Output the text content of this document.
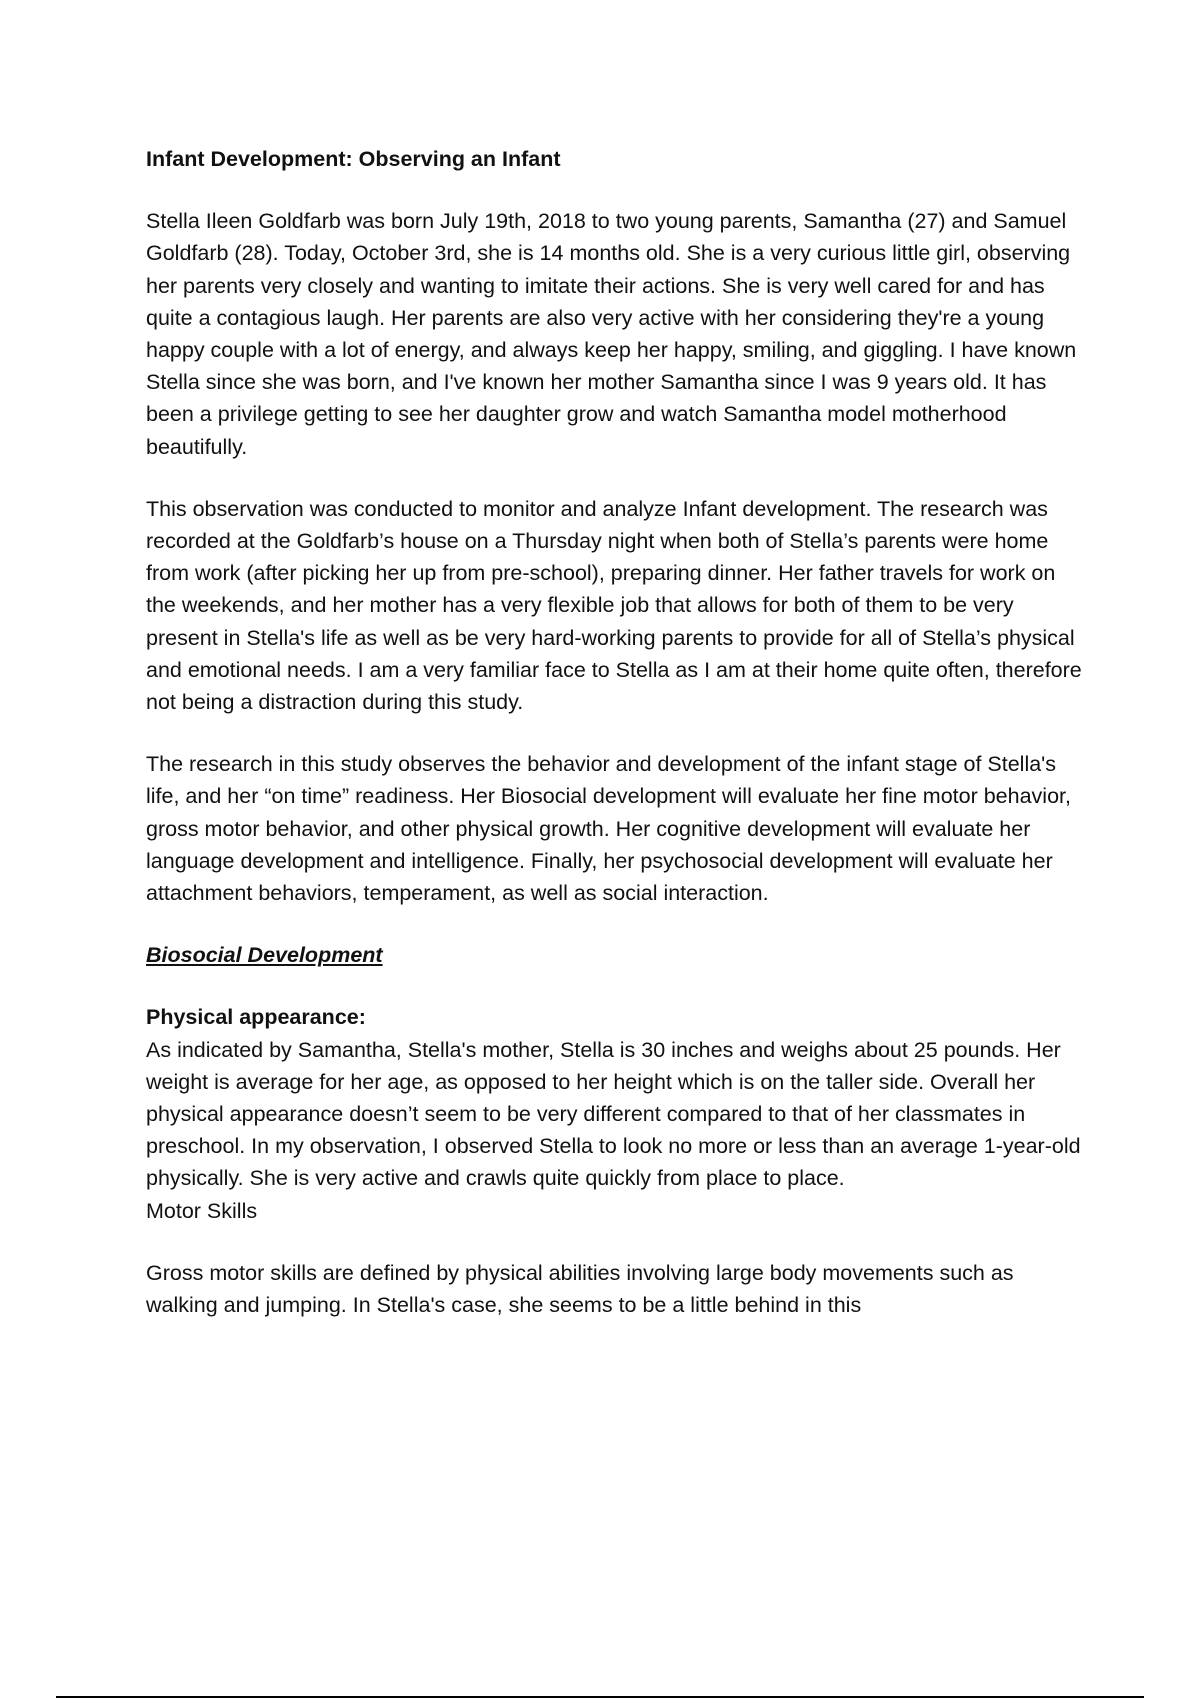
Infant Development: Observing an Infant

Stella Ileen Goldfarb was born July 19th, 2018 to two young parents, Samantha (27) and Samuel Goldfarb (28). Today, October 3rd, she is 14 months old. She is a very curious little girl, observing her parents very closely and wanting to imitate their actions. She is very well cared for and has quite a contagious laugh. Her parents are also very active with her considering they're a young happy couple with a lot of energy, and always keep her happy, smiling, and giggling. I have known Stella since she was born, and I've known her mother Samantha since I was 9 years old. It has been a privilege getting to see her daughter grow and watch Samantha model motherhood beautifully.

This observation was conducted to monitor and analyze Infant development. The research was recorded at the Goldfarb’s house on a Thursday night when both of Stella’s parents were home from work (after picking her up from pre-school), preparing dinner. Her father travels for work on the weekends, and her mother has a very flexible job that allows for both of them to be very present in Stella's life as well as be very hard-working parents to provide for all of Stella’s physical and emotional needs. I am a very familiar face to Stella as I am at their home quite often, therefore not being a distraction during this study.

The research in this study observes the behavior and development of the infant stage of Stella's life, and her “on time” readiness. Her Biosocial development will evaluate her fine motor behavior, gross motor behavior, and other physical growth. Her cognitive development will evaluate her language development and intelligence. Finally, her psychosocial development will evaluate her attachment behaviors, temperament, as well as social interaction.

Biosocial Development
Physical appearance:
As indicated by Samantha, Stella's mother, Stella is 30 inches and weighs about 25 pounds. Her weight is average for her age, as opposed to her height which is on the taller side. Overall her physical appearance doesn’t seem to be very different compared to that of her classmates in preschool. In my observation, I observed Stella to look no more or less than an average 1-year-old physically. She is very active and crawls quite quickly from place to place.
Motor Skills

Gross motor skills are defined by physical abilities involving large body movements such as walking and jumping. In Stella's case, she seems to be a little behind in this
